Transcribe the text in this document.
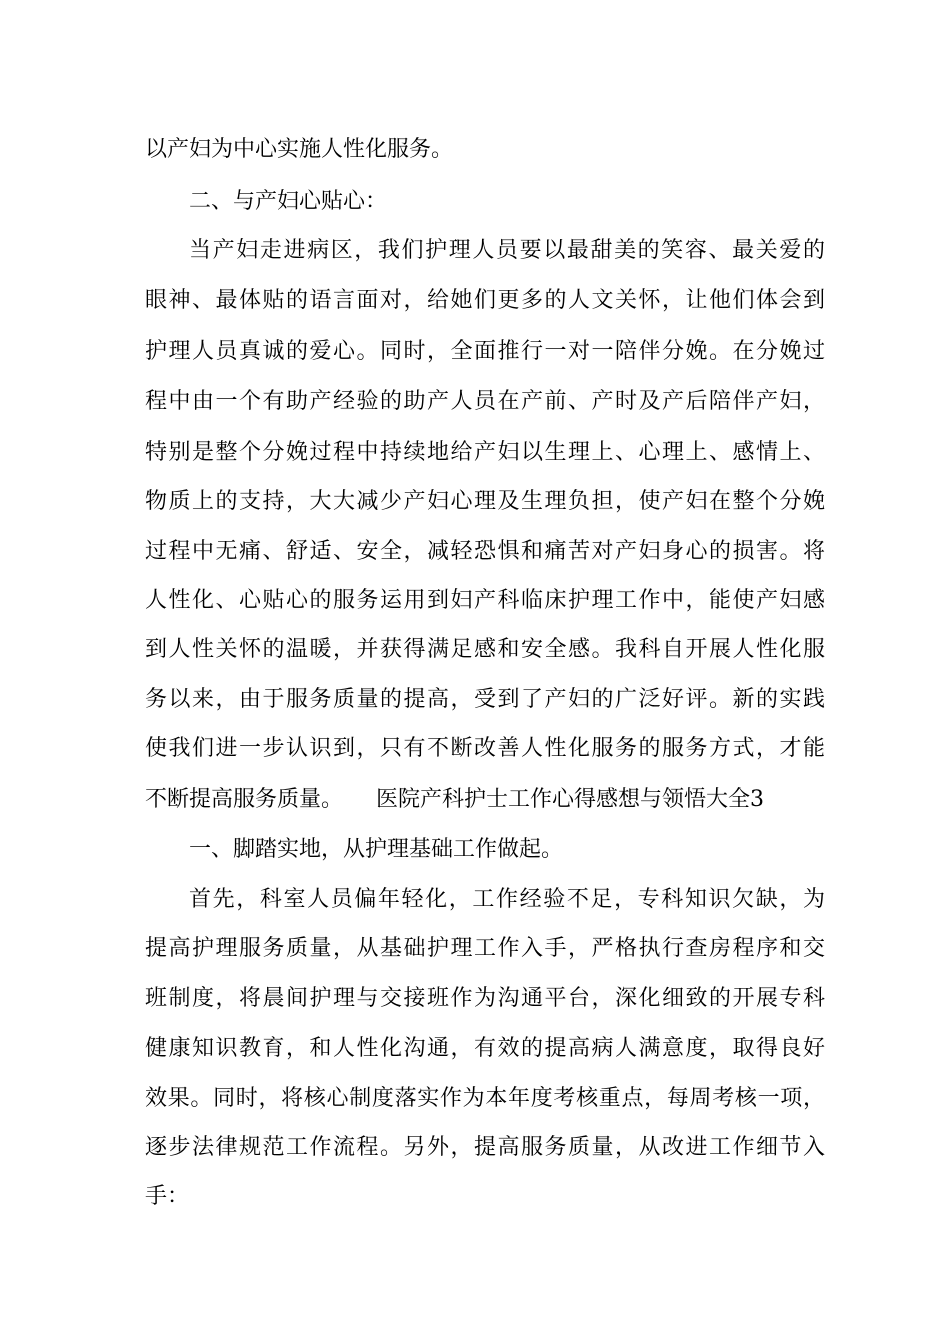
以产妇为中心实施人性化服务。
二、与产妇心贴心：
当产妇走进病区，我们护理人员要以最甜美的笑容、最关爱的
眼神、最体贴的语言面对，给她们更多的人文关怀，让他们体会到
护理人员真诚的爱心。同时，全面推行一对一陪伴分娩。在分娩过
程中由一个有助产经验的助产人员在产前、产时及产后陪伴产妇，
特别是整个分娩过程中持续地给产妇以生理上、心理上、感情上、
物质上的支持，大大减少产妇心理及生理负担，使产妇在整个分娩
过程中无痛、舒适、安全，减轻恐惧和痛苦对产妇身心的损害。将
人性化、心贴心的服务运用到妇产科临床护理工作中，能使产妇感
到人性关怀的温暖，并获得满足感和安全感。我科自开展人性化服
务以来，由于服务质量的提高，受到了产妇的广泛好评。新的实践
使我们进一步认识到，只有不断改善人性化服务的服务方式，才能
不断提高服务质量。　　医院产科护士工作心得感想与领悟大全3
一、脚踏实地，从护理基础工作做起。
首先，科室人员偏年轻化，工作经验不足，专科知识欠缺，为
提高护理服务质量，从基础护理工作入手，严格执行查房程序和交
班制度，将晨间护理与交接班作为沟通平台，深化细致的开展专科
健康知识教育，和人性化沟通，有效的提高病人满意度，取得良好
效果。同时，将核心制度落实作为本年度考核重点，每周考核一项，
逐步法律规范工作流程。另外，提高服务质量，从改进工作细节入
手：
